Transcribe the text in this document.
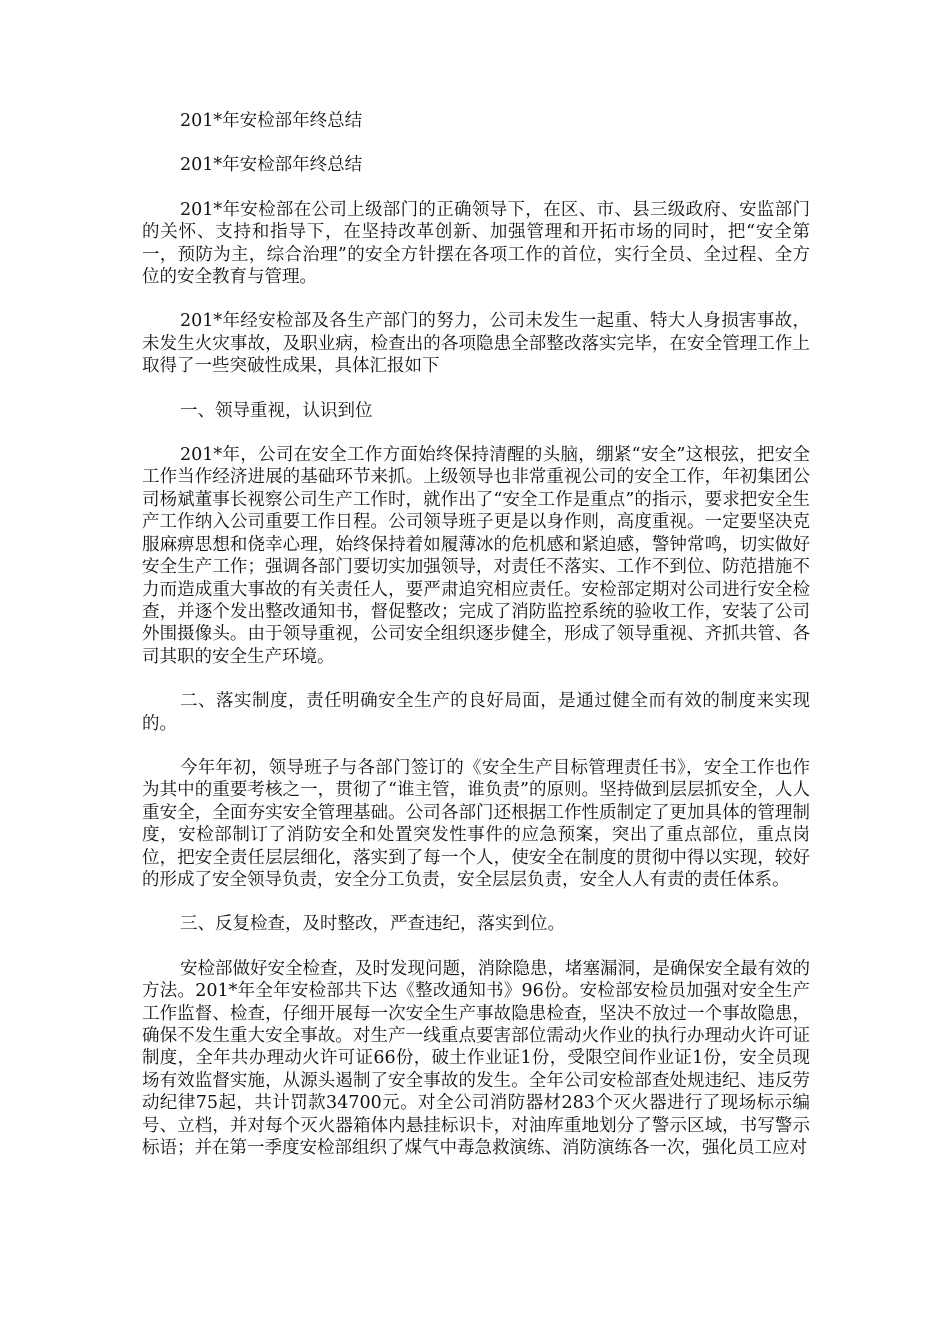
201*年安检部年终总结

201*年安检部年终总结

201*年安检部在公司上级部门的正确领导下，在区、市、县三级政府、安监部门的关怀、支持和指导下，在坚持改革创新、加强管理和开拓市场的同时，把“安全第一，预防为主，综合治理”的安全方针摆在各项工作的首位，实行全员、全过程、全方位的安全教育与管理。

201*年经安检部及各生产部门的努力，公司未发生一起重、特大人身损害事故，未发生火灾事故，及职业病，检查出的各项隐患全部整改落实完毕，在安全管理工作上取得了一些突破性成果，具体汇报如下

一、领导重视，认识到位

201*年，公司在安全工作方面始终保持清醒的头脑，绷紧“安全”这根弦，把安全工作当作经济进展的基础环节来抓。上级领导也非常重视公司的安全工作，年初集团公司杨斌董事长视察公司生产工作时，就作出了“安全工作是重点”的指示，要求把安全生产工作纳入公司重要工作日程。公司领导班子更是以身作则，高度重视。一定要坚决克服麻痹思想和侥幸心理，始终保持着如履薄冰的危机感和紧迫感，警钟常鸣，切实做好安全生产工作；强调各部门要切实加强领导，对责任不落实、工作不到位、防范措施不力而造成重大事故的有关责任人，要严肃追究相应责任。安检部定期对公司进行安全检查，并逐个发出整改通知书，督促整改；完成了消防监控系统的验收工作，安装了公司外围摄像头。由于领导重视，公司安全组织逐步健全，形成了领导重视、齐抓共管、各司其职的安全生产环境。

二、落实制度，责任明确安全生产的良好局面，是通过健全而有效的制度来实现的。

今年年初，领导班子与各部门签订的《安全生产目标管理责任书》，安全工作也作为其中的重要考核之一，贯彻了“谁主管，谁负责”的原则。坚持做到层层抓安全，人人重安全，全面夯实安全管理基础。公司各部门还根据工作性质制定了更加具体的管理制度，安检部制订了消防安全和处置突发性事件的应急预案，突出了重点部位，重点岗位，把安全责任层层细化，落实到了每一个人，使安全在制度的贯彻中得以实现，较好的形成了安全领导负责，安全分工负责，安全层层负责，安全人人有责的责任体系。

三、反复检查，及时整改，严查违纪，落实到位。

安检部做好安全检查，及时发现问题，消除隐患，堵塞漏洞，是确保安全最有效的方法。201*年全年安检部共下达《整改通知书》96份。安检部安检员加强对安全生产工作监督、检查，仔细开展每一次安全生产事故隐患检查，坚决不放过一个事故隐患，确保不发生重大安全事故。对生产一线重点要害部位需动火作业的执行办理动火许可证制度，全年共办理动火许可证66份，破土作业证1份，受限空间作业证1份，安全员现场有效监督实施，从源头遏制了安全事故的发生。全年公司安检部查处规违纪、违反劳动纪律75起，共计罚款34700元。对全公司消防器材283个灭火器进行了现场标示编号、立档，并对每个灭火器箱体内悬挂标识卡，对油库重地划分了警示区域，书写警示标语；并在第一季度安检部组织了煤气中毒急救演练、消防演练各一次，强化员工应对
